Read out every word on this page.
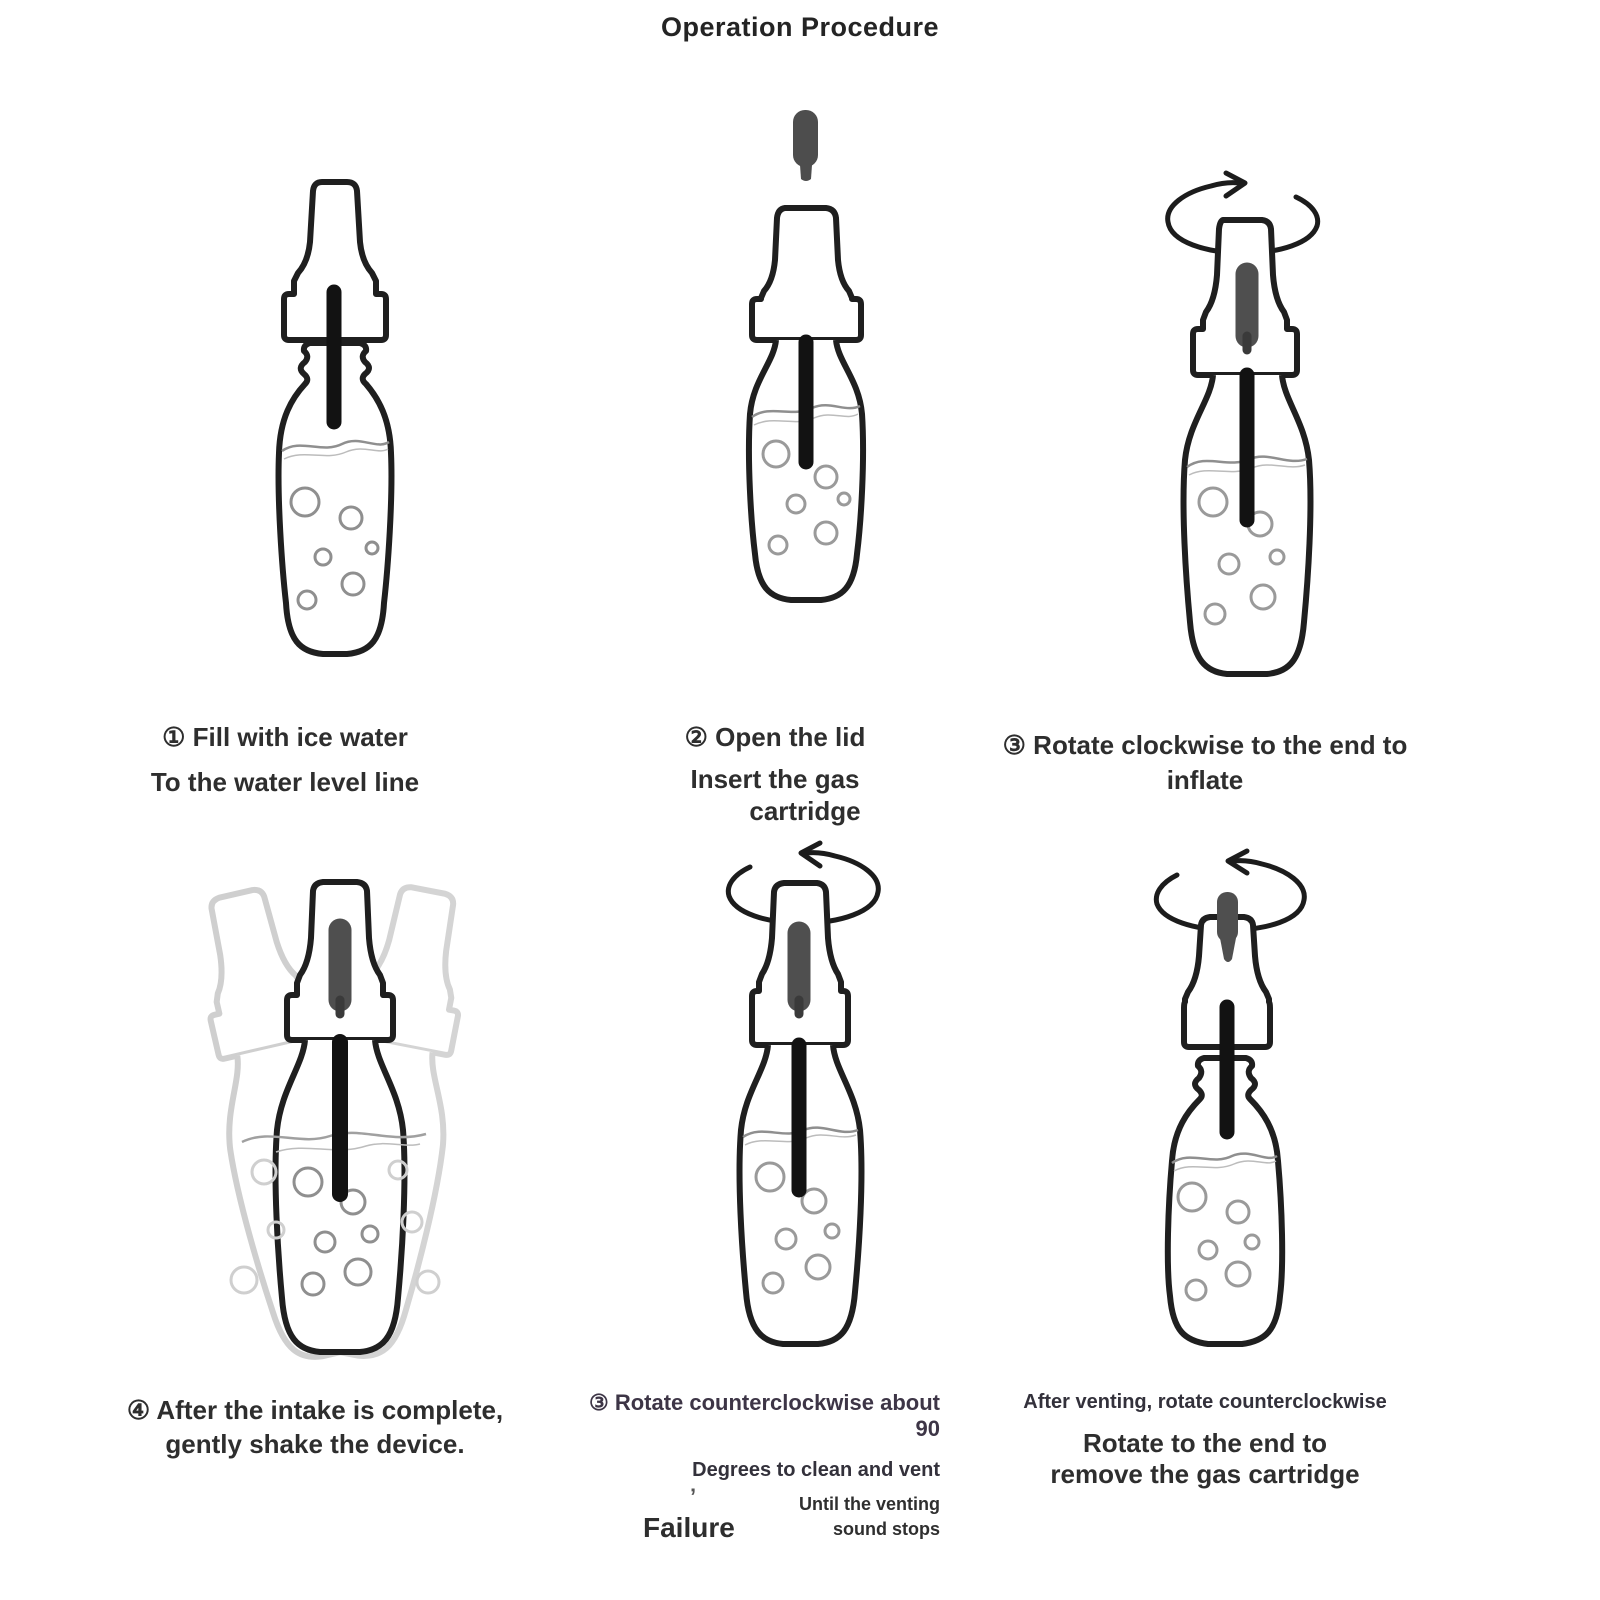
Operation Procedure
① Fill with ice water
To the water level line
② Open the lid
Insert the gas
cartridge
③ Rotate clockwise to the end to
inflate
④ After the intake is complete,
gently shake the device.
③ Rotate counterclockwise about 90
Degrees to clean and vent
Until the venting
sound stops
’
Failure
After venting, rotate counterclockwise
Rotate to the end to
remove the gas cartridge
